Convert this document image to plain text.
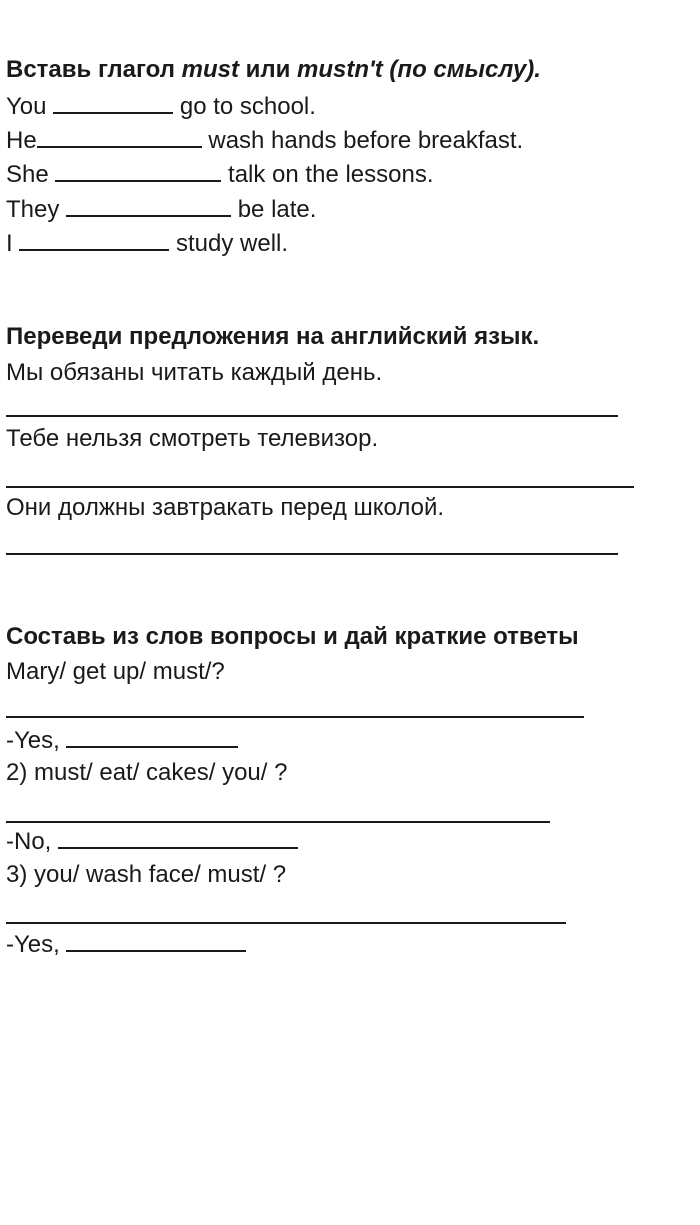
Вставь глагол must или mustn't (по смыслу).
You	go to school.
He	wash hands before breakfast.
She	talk on the lessons.
They	be late.
I	study well.
Переведи предложения на английский язык.
Мы обязаны читать каждый день.
Тебе нельзя смотреть телевизор.
Они должны завтракать перед школой.
Составь из слов вопросы и дай краткие ответы
Mary/ get up/ must/?
-Yes,
2) must/ eat/ cakes/ you/ ?
-No,
3) you/ wash face/ must/ ?
-Yes,
